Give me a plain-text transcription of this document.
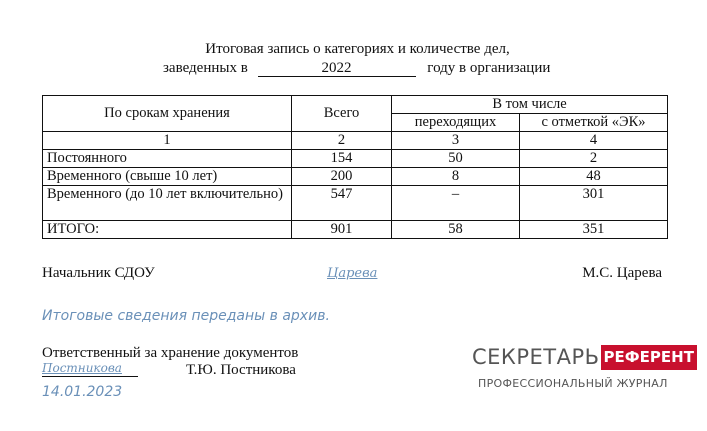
Итоговая запись о категориях и количестве дел,
заведенных в	2022	году в организации
По срокам хранения	Всего	В том числе	
		переходящих	с отметкой «ЭК»
1	2	3	4
Постоянного	154	50	2
Временного (свыше 10 лет)	200	8	48
Временного (до 10 лет включительно)	547	–	301
ИТОГО:	901	58	351
Начальник СДОУ	М.С. Царева
Царева
Итоговые сведения переданы в архив.
Ответственный за хранение документов
Постникова	Т.Ю. Постникова
14.01.2023
СЕКРЕТАРЬ РЕФЕРЕНТ
ПРОФЕССИОНАЛЬНЫЙ ЖУРНАЛ
